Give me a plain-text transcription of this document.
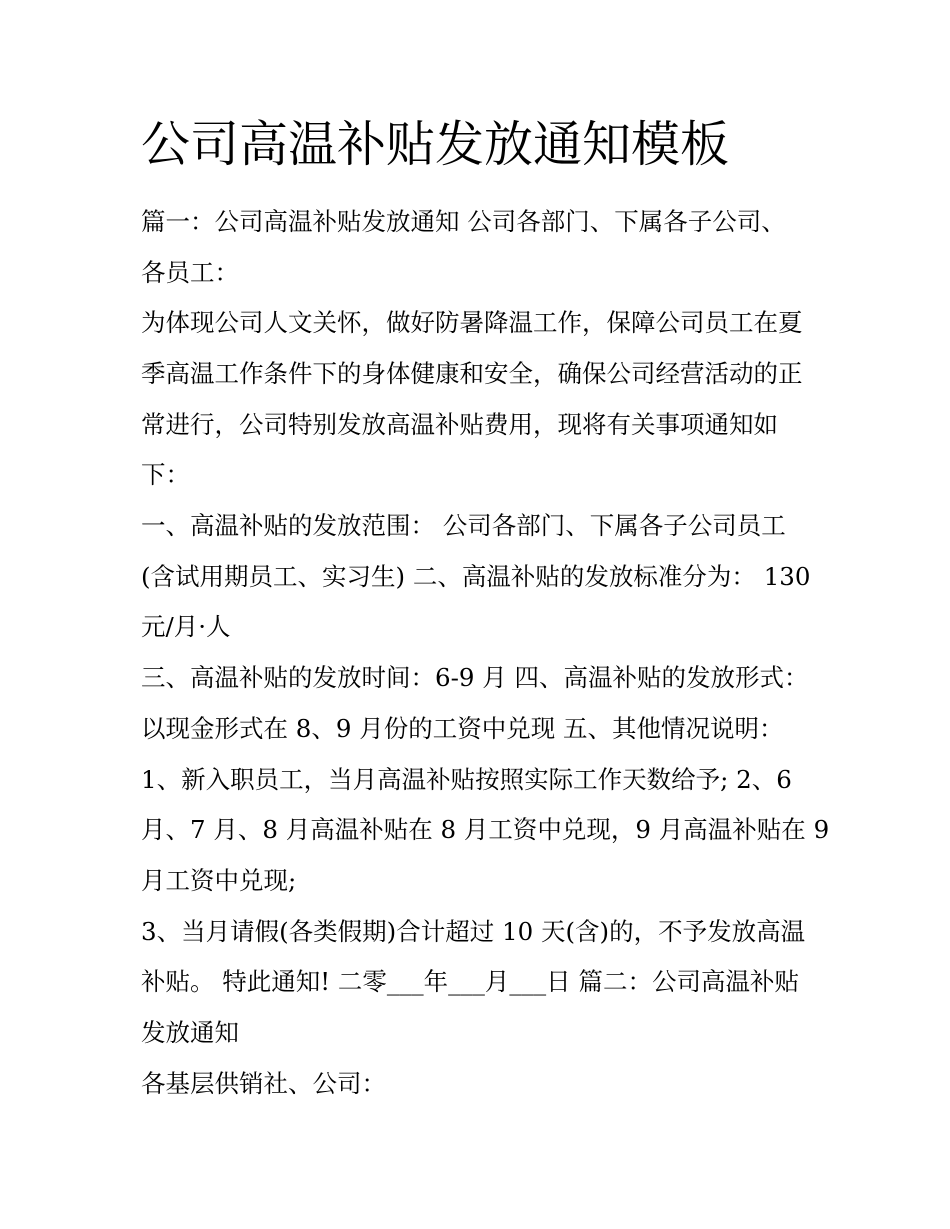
公司高温补贴发放通知模板
篇一：公司高温补贴发放通知 公司各部门、下属各子公司、
各员工：
为体现公司人文关怀，做好防暑降温工作，保障公司员工在夏
季高温工作条件下的身体健康和安全，确保公司经营活动的正
常进行，公司特别发放高温补贴费用，现将有关事项通知如
下：
一、高温补贴的发放范围： 公司各部门、下属各子公司员工
(含试用期员工、实习生) 二、高温补贴的发放标准分为： 130
元/月·人
三、高温补贴的发放时间：6-9 月 四、高温补贴的发放形式：
以现金形式在 8、9 月份的工资中兑现 五、其他情况说明：
1、新入职员工，当月高温补贴按照实际工作天数给予; 2、6
月、7 月、8 月高温补贴在 8 月工资中兑现，9 月高温补贴在 9
月工资中兑现;
3、当月请假(各类假期)合计超过 10 天(含)的，不予发放高温
补贴。 特此通知! 二零___年___月___日 篇二：公司高温补贴
发放通知
各基层供销社、公司：
